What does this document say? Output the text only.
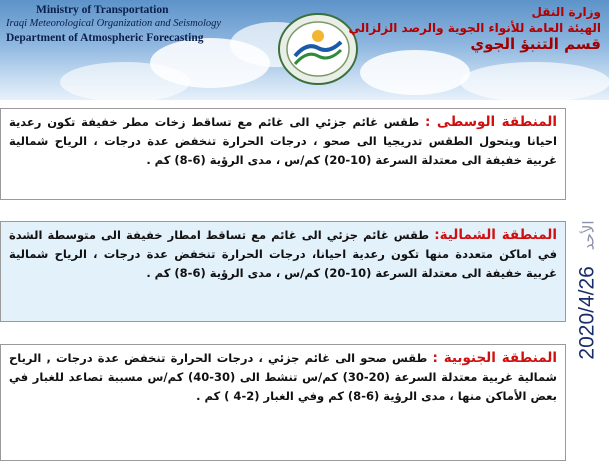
Ministry of Transportation
Iraqi Meteorological Organization and Seismology
Department of Atmospheric Forecasting
وزارة النقل
الهيئة العامة للأنواء الجوية والرصد الزلزالي
قسم التنبؤ الجوي
المنطقة الوسطى : طقس غائم جزئي الى غائم مع تساقط زخات مطر خفيفة تكون رعدية احيانا ويتحول الطقس تدريجيا الى صحو ، درجات الحرارة تنخفض عدة درجات ، الرياح شمالية غربية خفيفة الى معتدلة السرعة (10-20) كم/س ، مدى الرؤية (6-8) كم .
المنطقة الشمالية: طقس غائم جزئي الى غائم مع تساقط امطار خفيفة الى متوسطة الشدة في اماكن متعددة منها تكون رعدية احيانا، درجات الحرارة تنخفض عدة درجات ، الرياح شمالية غربية خفيفة الى معتدلة السرعة (10-20) كم/س ، مدى الرؤية (6-8) كم .
المنطقة الجنوبية : طقس صحو الى غائم جزئي ، درجات الحرارة تنخفض عدة درجات , الرياح شمالية غربية معتدلة السرعة (20-30) كم/س تنشط الى (30-40) كم/س مسببة تصاعد للغبار في بعض الأماكن منها ، مدى الرؤية (6-8) كم وفي الغبار (2-4 ) كم .
2020/4/26 الأحد
